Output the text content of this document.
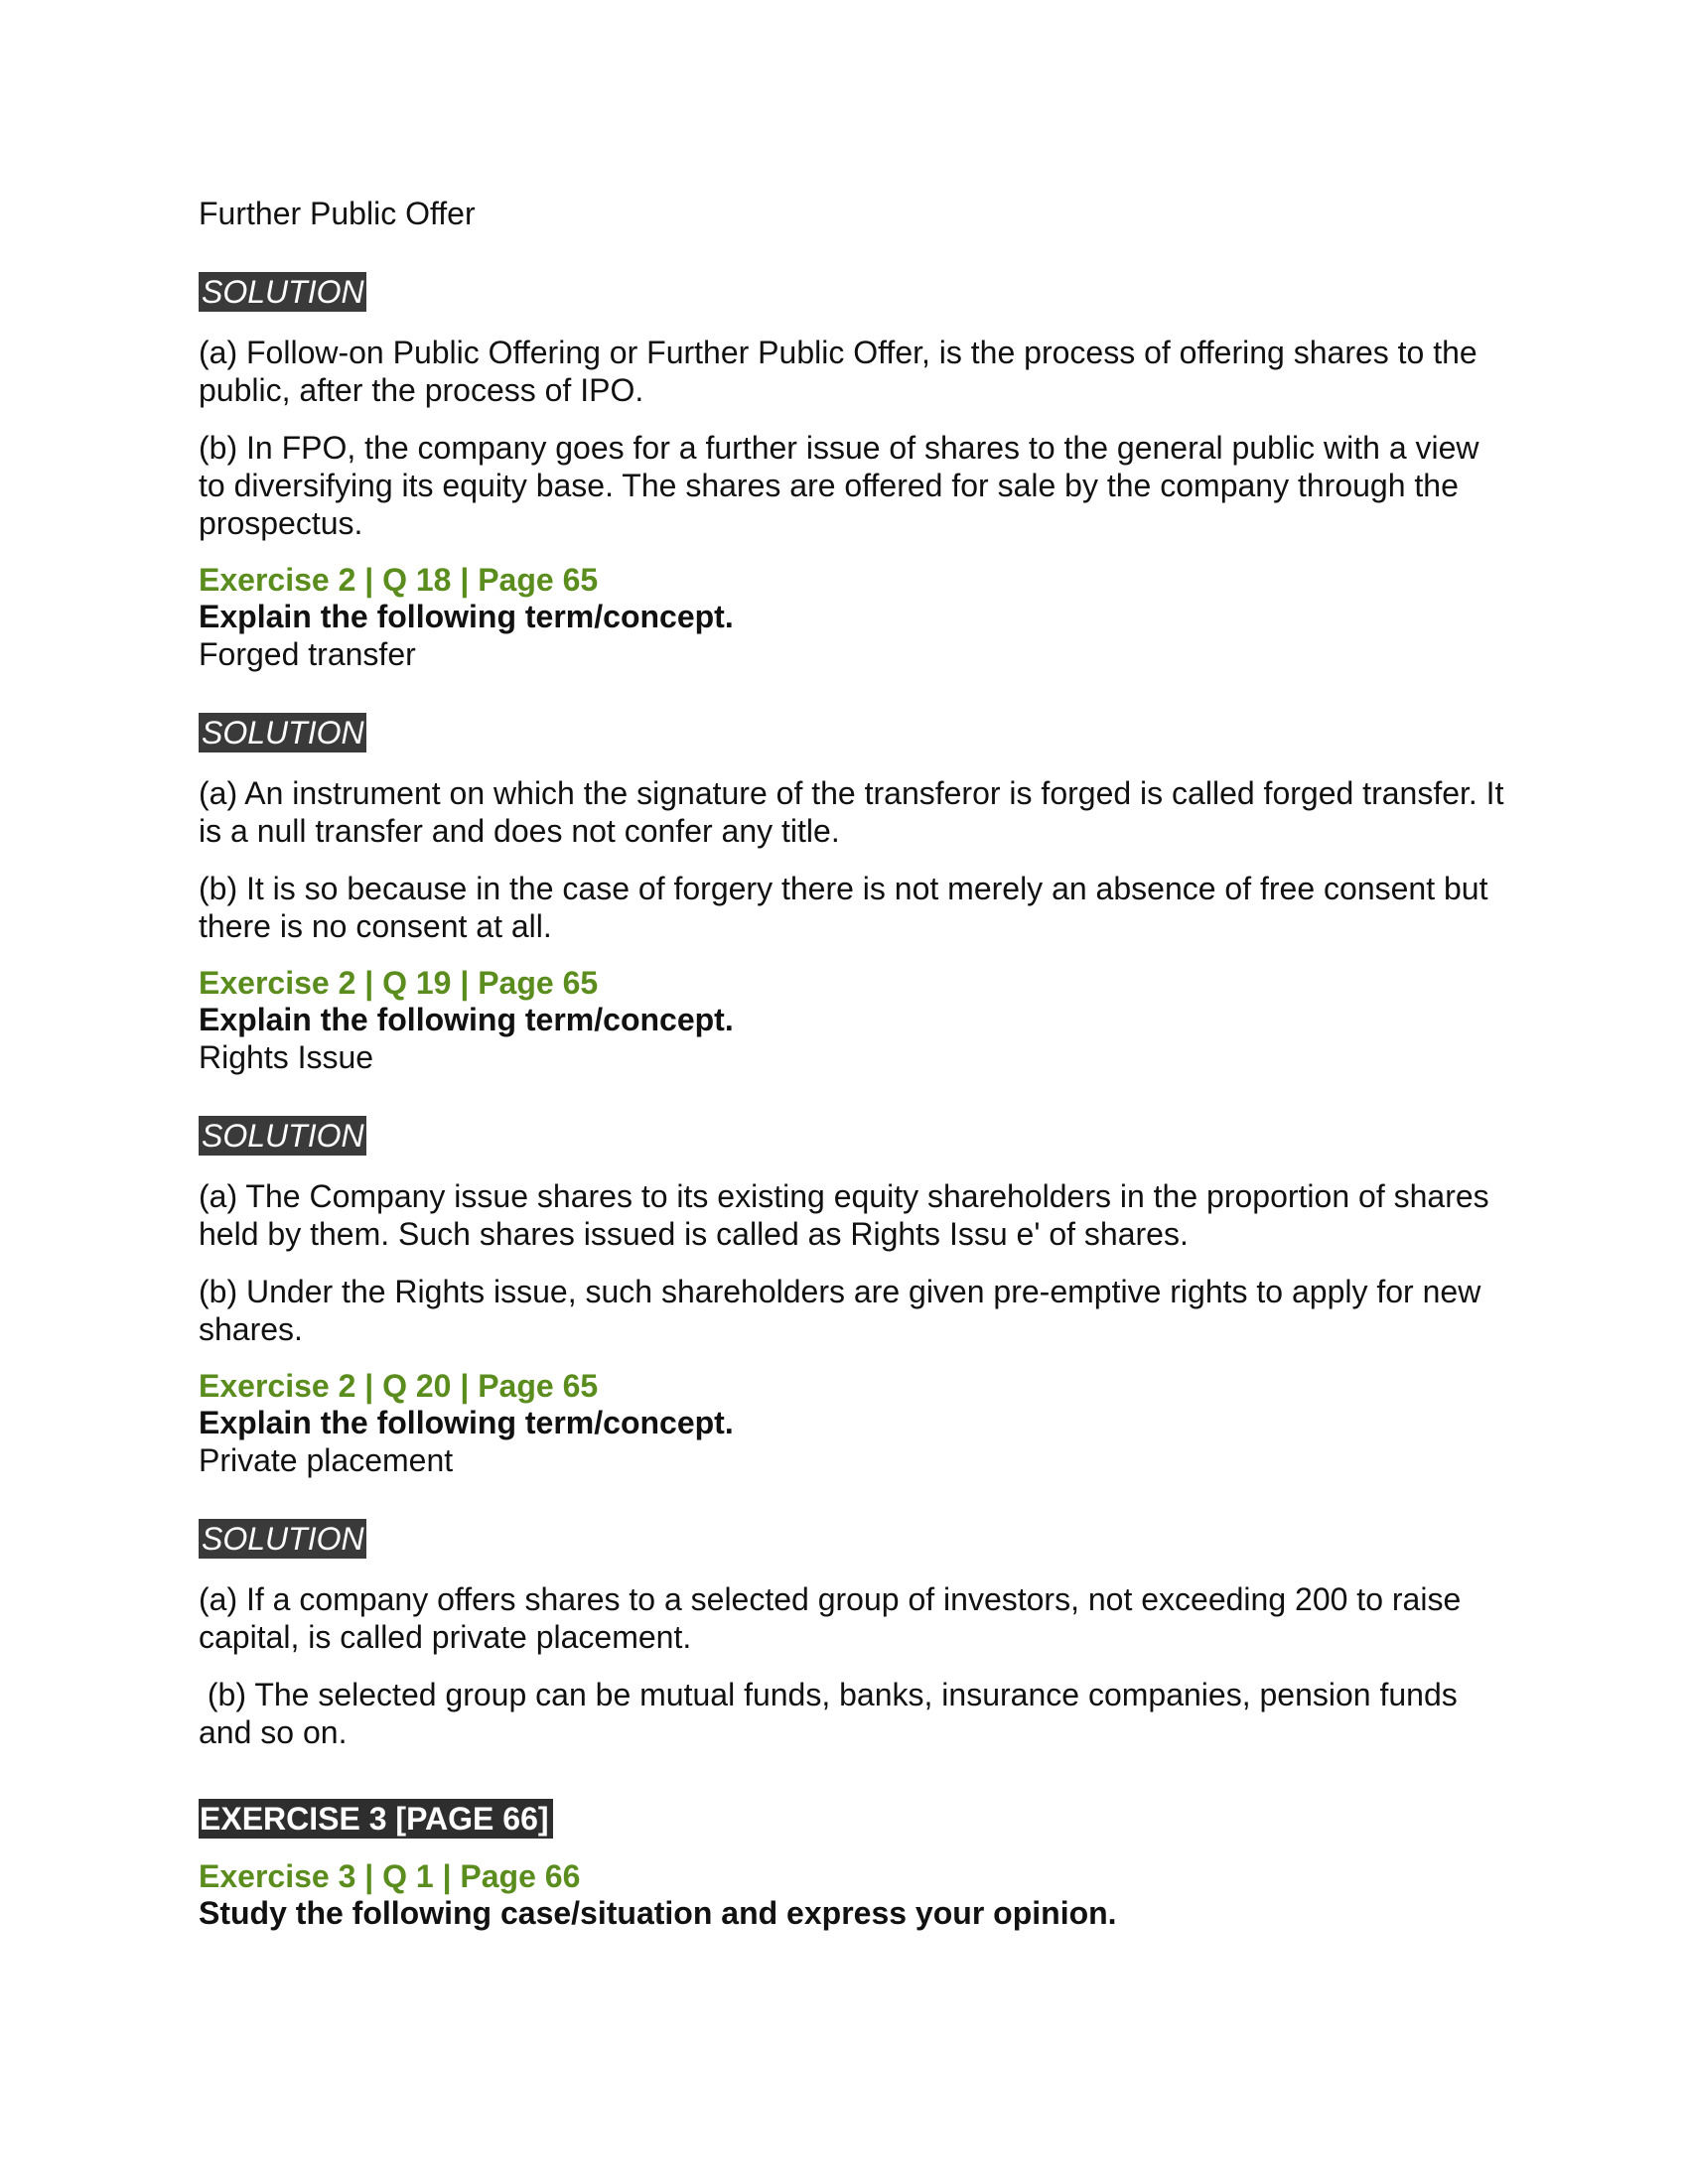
Further Public Offer
SOLUTION

(a) Follow-on Public Offering or Further Public Offer, is the process of offering shares to the public, after the process of IPO.

(b) In FPO, the company goes for a further issue of shares to the general public with a view to diversifying its equity base. The shares are offered for sale by the company through the prospectus.

Exercise 2 | Q 18 | Page 65
Explain the following term/concept.
Forged transfer
SOLUTION

(a) An instrument on which the signature of the transferor is forged is called forged transfer. It is a null transfer and does not confer any title.

(b) It is so because in the case of forgery there is not merely an absence of free consent but there is no consent at all.

Exercise 2 | Q 19 | Page 65
Explain the following term/concept.
Rights Issue
SOLUTION

(a) The Company issue shares to its existing equity shareholders in the proportion of shares held by them. Such shares issued is called as Rights Issu e' of shares.

(b) Under the Rights issue, such shareholders are given pre-emptive rights to apply for new shares.

Exercise 2 | Q 20 | Page 65
Explain the following term/concept.
Private placement
SOLUTION

(a) If a company offers shares to a selected group of investors, not exceeding 200 to raise capital, is called private placement.

(b) The selected group can be mutual funds, banks, insurance companies, pension funds and so on.

EXERCISE 3 [PAGE 66]
Exercise 3 | Q 1 | Page 66
Study the following case/situation and express your opinion.
